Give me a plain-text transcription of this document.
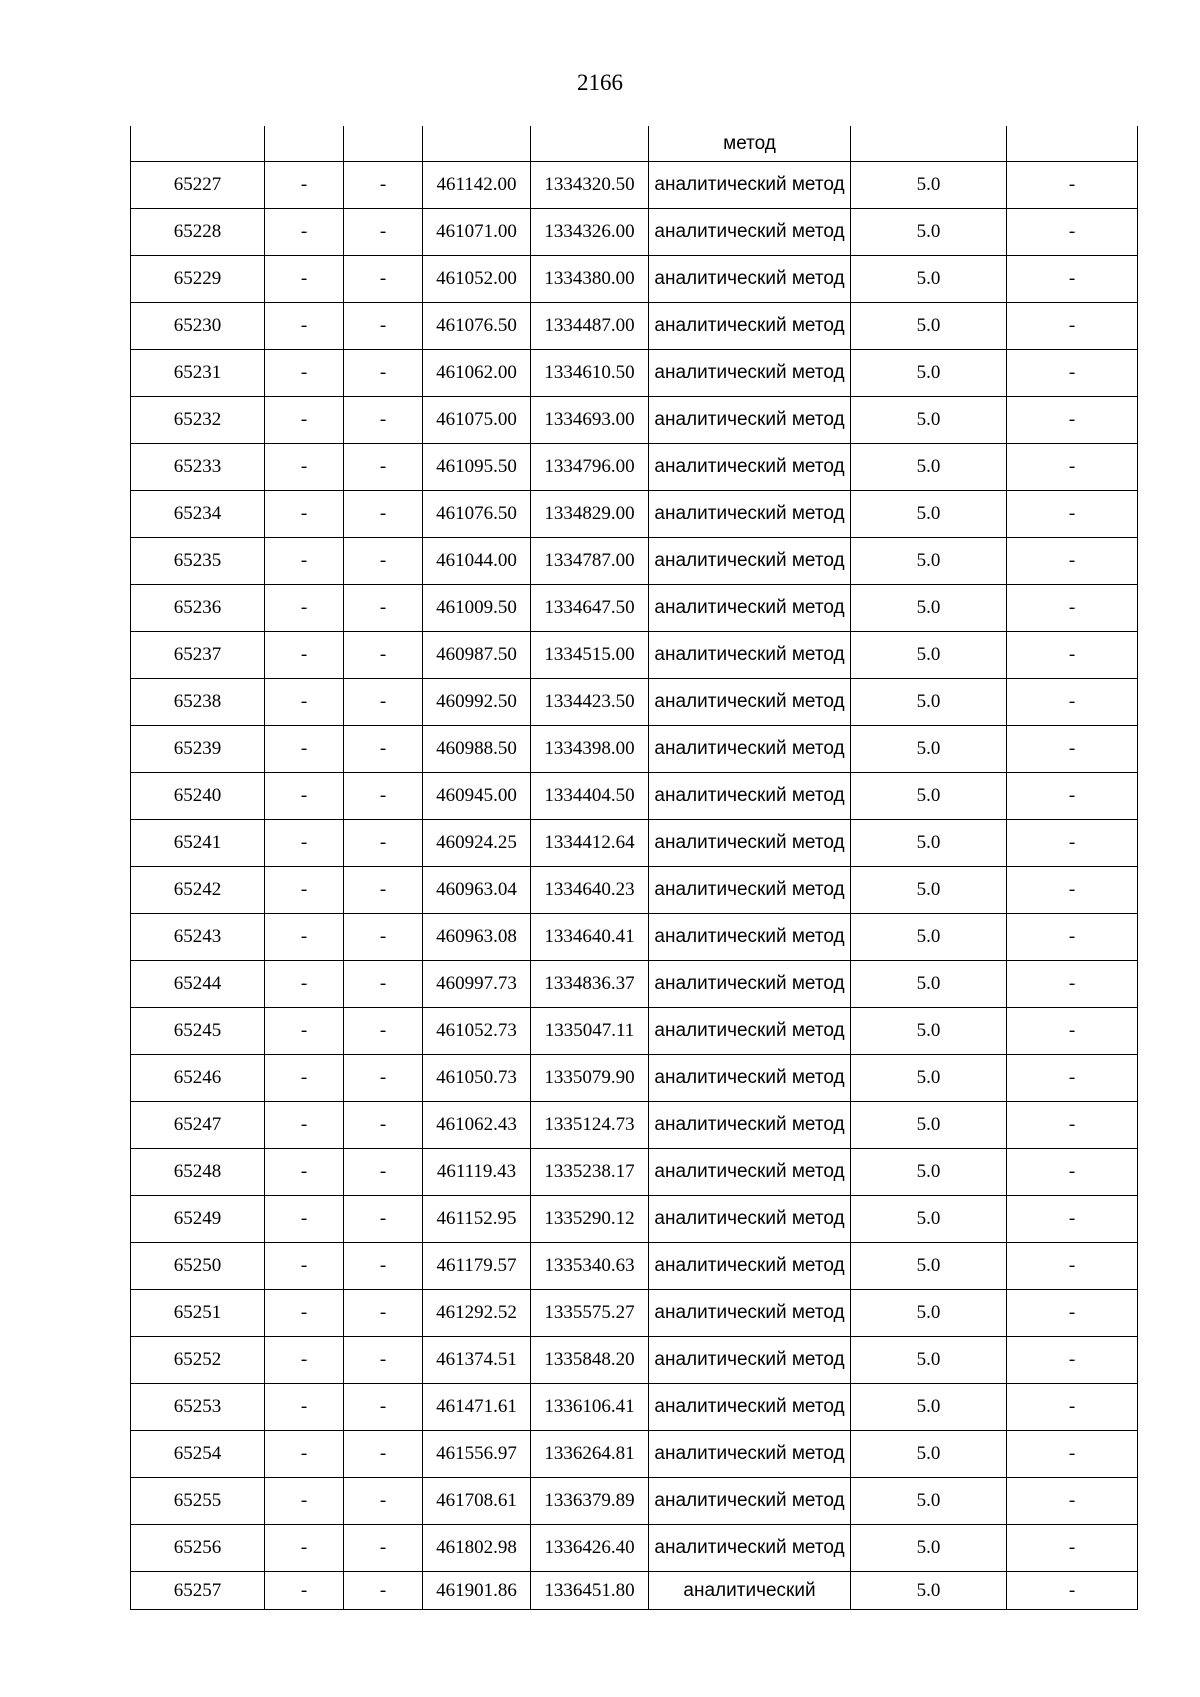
2166
					метод		
65227	-	-	461142.00	1334320.50	аналитический метод	5.0	-
65228	-	-	461071.00	1334326.00	аналитический метод	5.0	-
65229	-	-	461052.00	1334380.00	аналитический метод	5.0	-
65230	-	-	461076.50	1334487.00	аналитический метод	5.0	-
65231	-	-	461062.00	1334610.50	аналитический метод	5.0	-
65232	-	-	461075.00	1334693.00	аналитический метод	5.0	-
65233	-	-	461095.50	1334796.00	аналитический метод	5.0	-
65234	-	-	461076.50	1334829.00	аналитический метод	5.0	-
65235	-	-	461044.00	1334787.00	аналитический метод	5.0	-
65236	-	-	461009.50	1334647.50	аналитический метод	5.0	-
65237	-	-	460987.50	1334515.00	аналитический метод	5.0	-
65238	-	-	460992.50	1334423.50	аналитический метод	5.0	-
65239	-	-	460988.50	1334398.00	аналитический метод	5.0	-
65240	-	-	460945.00	1334404.50	аналитический метод	5.0	-
65241	-	-	460924.25	1334412.64	аналитический метод	5.0	-
65242	-	-	460963.04	1334640.23	аналитический метод	5.0	-
65243	-	-	460963.08	1334640.41	аналитический метод	5.0	-
65244	-	-	460997.73	1334836.37	аналитический метод	5.0	-
65245	-	-	461052.73	1335047.11	аналитический метод	5.0	-
65246	-	-	461050.73	1335079.90	аналитический метод	5.0	-
65247	-	-	461062.43	1335124.73	аналитический метод	5.0	-
65248	-	-	461119.43	1335238.17	аналитический метод	5.0	-
65249	-	-	461152.95	1335290.12	аналитический метод	5.0	-
65250	-	-	461179.57	1335340.63	аналитический метод	5.0	-
65251	-	-	461292.52	1335575.27	аналитический метод	5.0	-
65252	-	-	461374.51	1335848.20	аналитический метод	5.0	-
65253	-	-	461471.61	1336106.41	аналитический метод	5.0	-
65254	-	-	461556.97	1336264.81	аналитический метод	5.0	-
65255	-	-	461708.61	1336379.89	аналитический метод	5.0	-
65256	-	-	461802.98	1336426.40	аналитический метод	5.0	-
65257	-	-	461901.86	1336451.80	аналитический	5.0	-
